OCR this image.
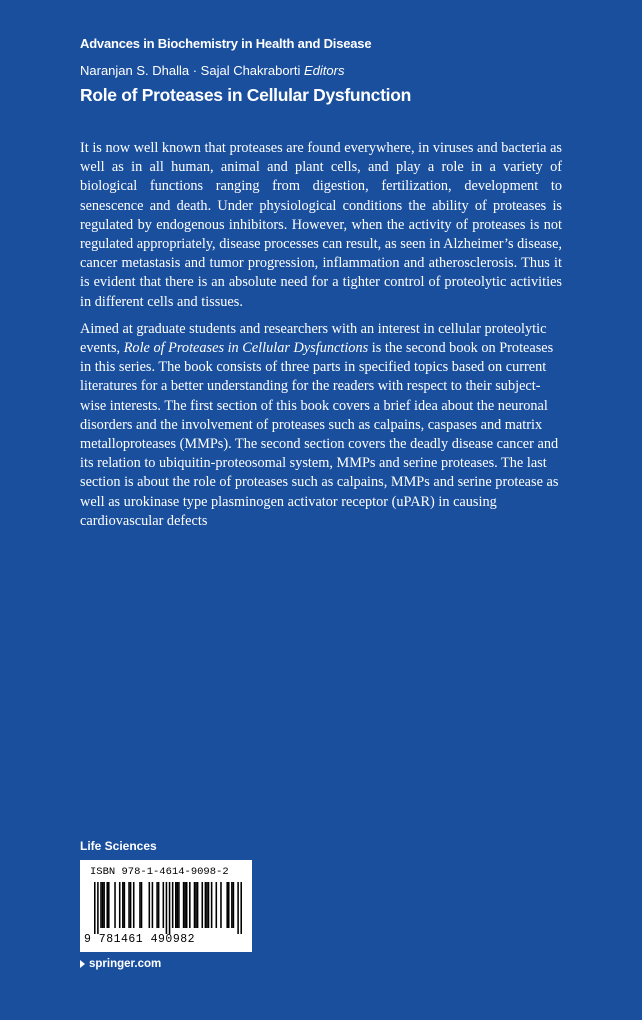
Advances in Biochemistry in Health and Disease
Naranjan S. Dhalla · Sajal Chakraborti Editors
Role of Proteases in Cellular Dysfunction

It is now well known that proteases are found everywhere, in viruses and bacteria as well as in all human, animal and plant cells, and play a role in a variety of biological functions ranging from digestion, fertilization, development to senescence and death. Under physiological conditions the ability of proteases is regulated by endogenous inhibitors. However, when the activity of proteases is not regulated appropriately, disease processes can result, as seen in Alzheimer’s disease, cancer metastasis and tumor progression, inflammation and atherosclerosis. Thus it is evident that there is an absolute need for a tighter control of proteolytic activities in different cells and tissues.

Aimed at graduate students and researchers with an interest in cellular proteolytic events, Role of Proteases in Cellular Dysfunctions is the second book on Proteases in this series. The book consists of three parts in specified topics based on current literatures for a better understanding for the readers with respect to their subject-wise interests. The first section of this book covers a brief idea about the neuronal disorders and the involvement of proteases such as calpains, caspases and matrix metalloproteases (MMPs). The second section covers the deadly disease cancer and its relation to ubiquitin-proteosomal system, MMPs and serine proteases. The last section is about the role of proteases such as calpains, MMPs and serine protease as well as urokinase type plasminogen activator receptor (uPAR) in causing cardiovascular defects

Life Sciences
ISBN 978-1-4614-9098-2
9 781461 490982
springer.com
